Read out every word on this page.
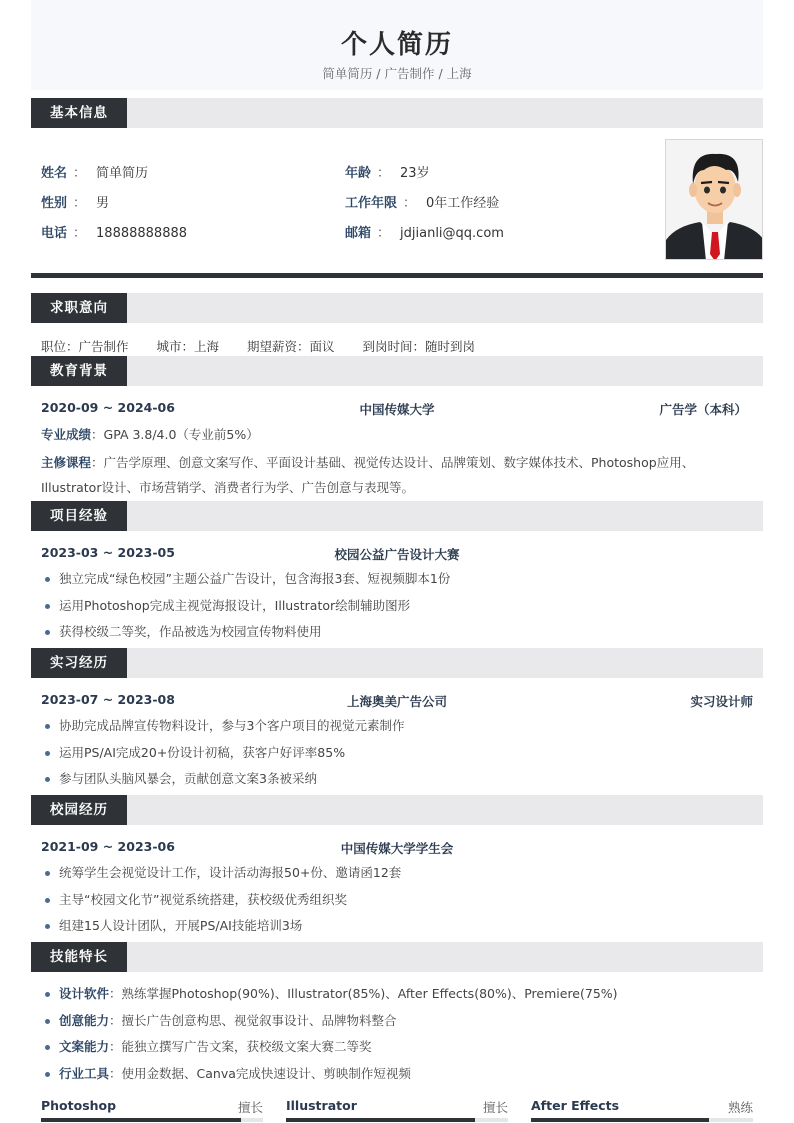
个人简历
简单简历 / 广告制作 / 上海
基本信息
姓名 ： 简单简历
性别 ： 男
电话 ： 18888888888
年龄 ： 23岁
工作年限 ： 0年工作经验
邮箱 ： jdjianli@qq.com
求职意向
职位：广告制作 城市：上海 期望薪资：面议 到岗时间：随时到岗
教育背景
2020-09 ~ 2024-06	中国传媒大学	广告学（本科）
专业成绩：GPA 3.8/4.0（专业前5%）
主修课程：广告学原理、创意文案写作、平面设计基础、视觉传达设计、品牌策划、数字媒体技术、Photoshop应用、Illustrator设计、市场营销学、消费者行为学、广告创意与表现等。
项目经验
2023-03 ~ 2023-05	校园公益广告设计大赛
独立完成“绿色校园”主题公益广告设计，包含海报3套、短视频脚本1份
运用Photoshop完成主视觉海报设计，Illustrator绘制辅助图形
获得校级二等奖，作品被选为校园宣传物料使用
实习经历
2023-07 ~ 2023-08	上海奥美广告公司	实习设计师
协助完成品牌宣传物料设计，参与3个客户项目的视觉元素制作
运用PS/AI完成20+份设计初稿，获客户好评率85%
参与团队头脑风暴会，贡献创意文案3条被采纳
校园经历
2021-09 ~ 2023-06	中国传媒大学学生会
统筹学生会视觉设计工作，设计活动海报50+份、邀请函12套
主导“校园文化节”视觉系统搭建，获校级优秀组织奖
组建15人设计团队，开展PS/AI技能培训3场
技能特长
设计软件：熟练掌握Photoshop(90%)、Illustrator(85%)、After Effects(80%)、Premiere(75%)
创意能力：擅长广告创意构思、视觉叙事设计、品牌物料整合
文案能力：能独立撰写广告文案，获校级文案大赛二等奖
行业工具：使用金数据、Canva完成快速设计、剪映制作短视频
Photoshop	擅长 Illustrator	擅长 After Effects	熟练
